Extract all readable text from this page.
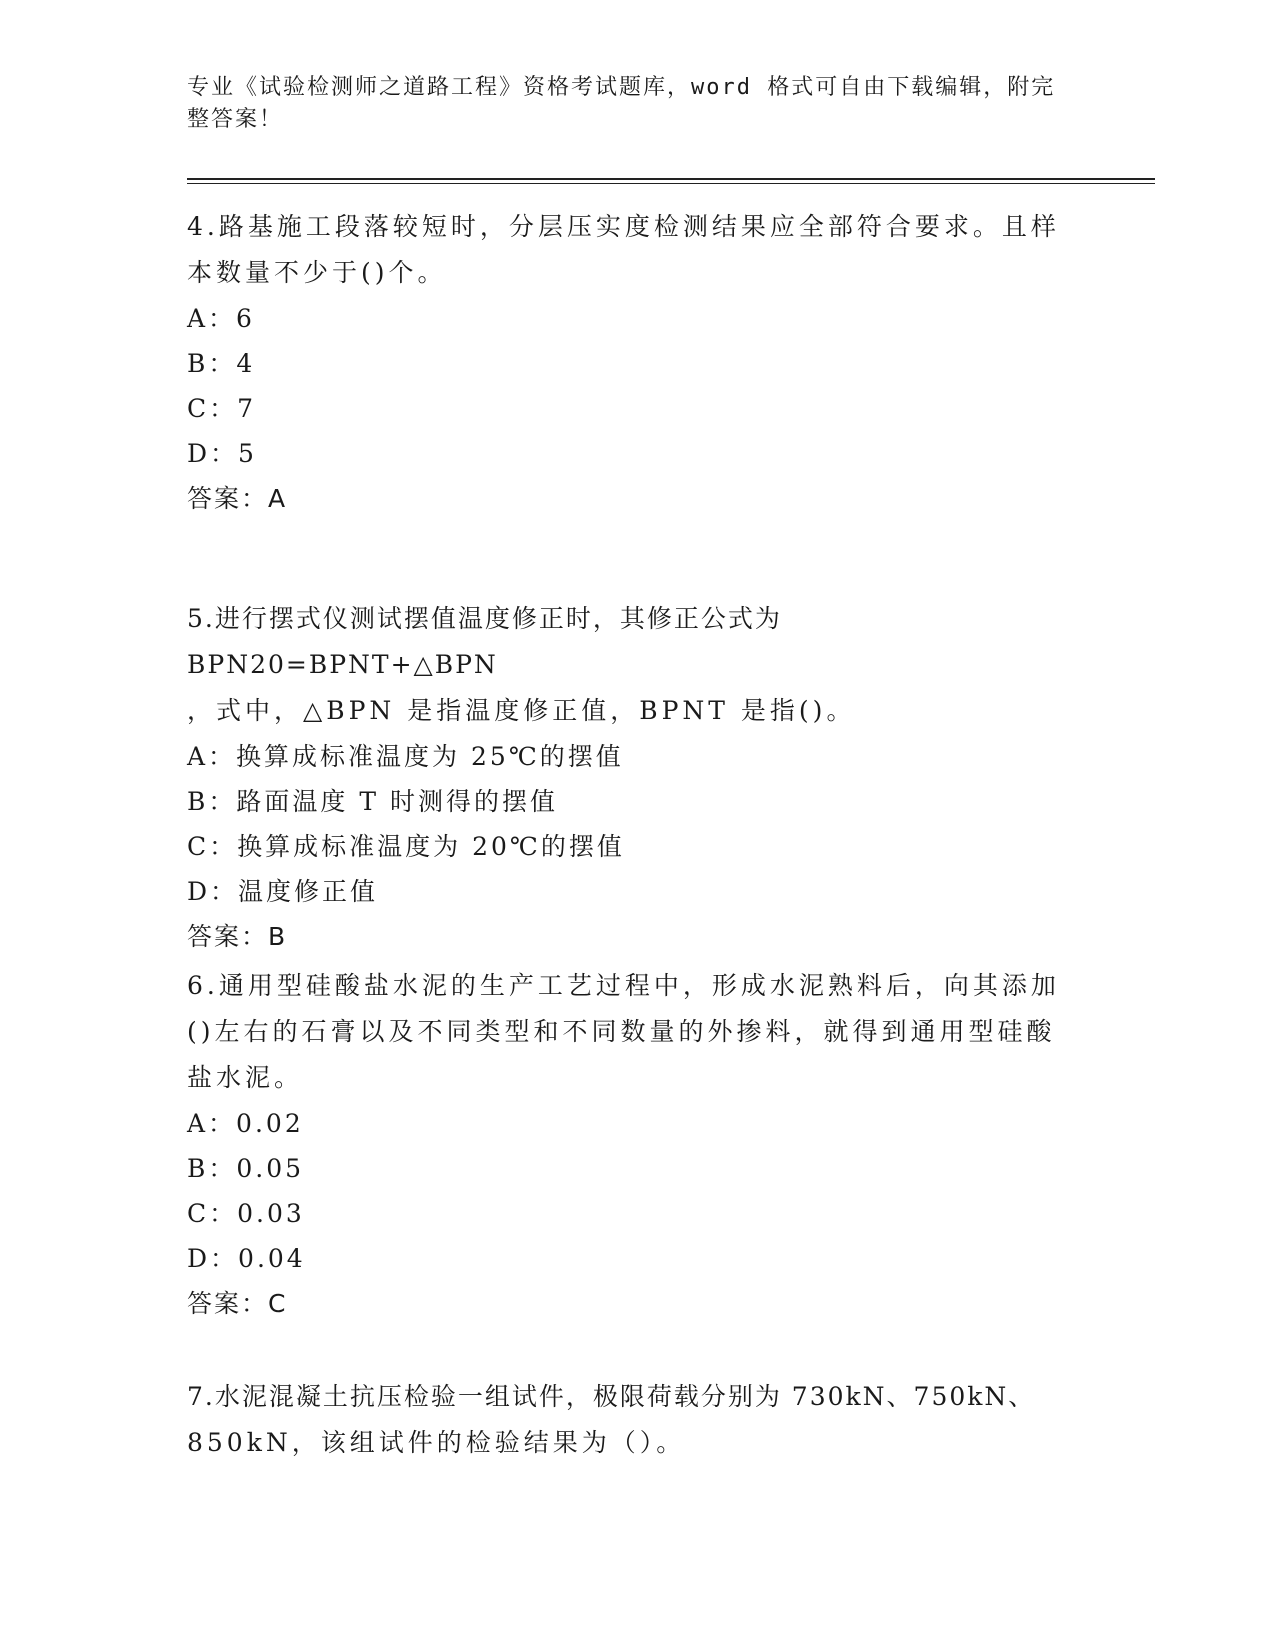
专业《试验检测师之道路工程》资格考试题库，word 格式可自由下载编辑，附完
整答案！
4.路基施工段落较短时，分层压实度检测结果应全部符合要求。且样
本数量不少于()个。
A：6
B：4
C：7
D：5
答案：A
5.进行摆式仪测试摆值温度修正时，其修正公式为 BPN20=BPNT+△BPN
，式中，△BPN 是指温度修正值，BPNT 是指()。
A：换算成标准温度为 25℃的摆值
B：路面温度 T 时测得的摆值
C：换算成标准温度为 20℃的摆值
D：温度修正值
答案：B
6.通用型硅酸盐水泥的生产工艺过程中，形成水泥熟料后，向其添加
()左右的石膏以及不同类型和不同数量的外掺料，就得到通用型硅酸
盐水泥。
A：0.02
B：0.05
C：0.03
D：0.04
答案：C
7.水泥混凝土抗压检验一组试件，极限荷载分别为 730kN、750kN、
850kN，该组试件的检验结果为（）。
